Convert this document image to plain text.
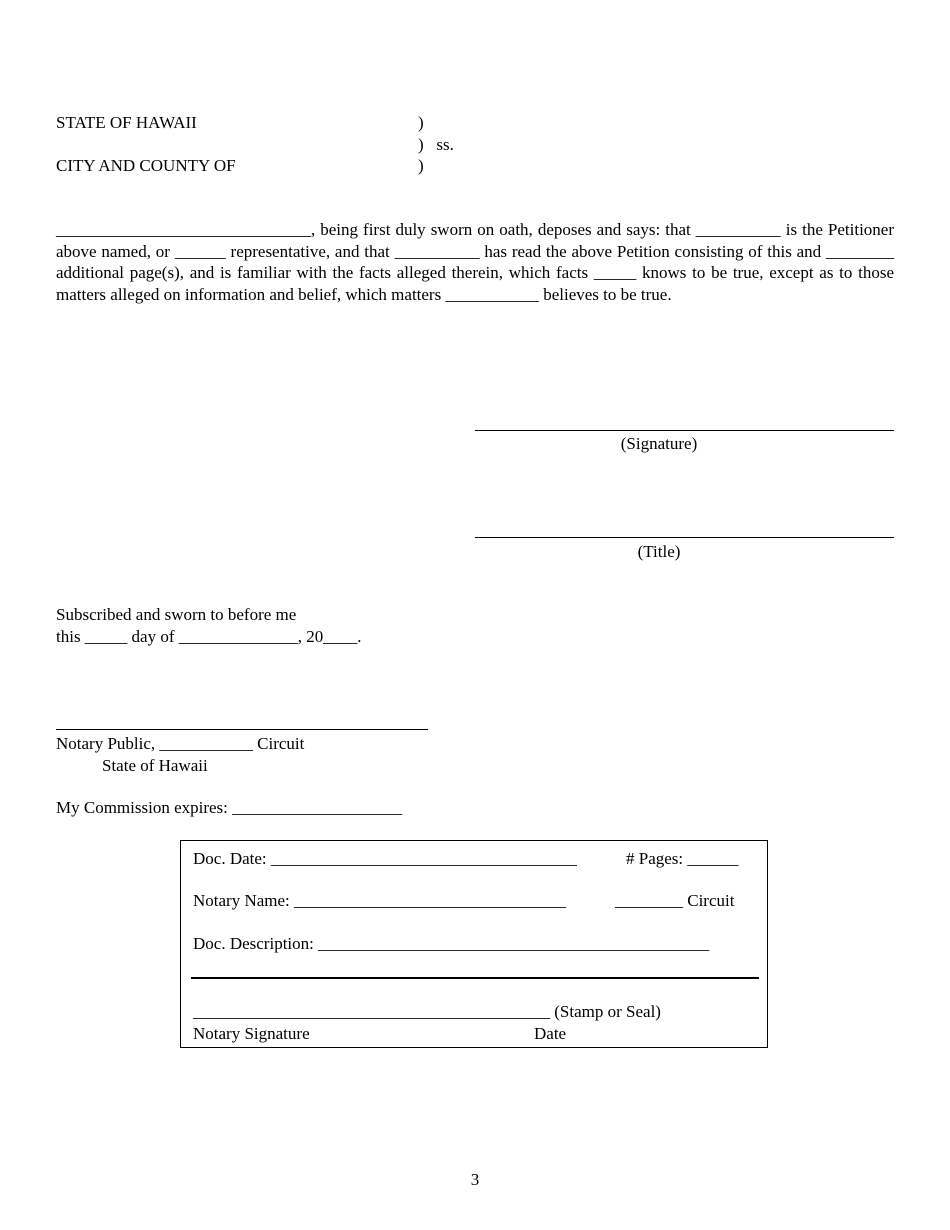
STATE OF HAWAII	)
)   ss.
CITY AND COUNTY OF	)
______________________________, being first duly sworn on oath, deposes and says: that __________ is the Petitioner above named, or ______ representative, and that __________ has read the above Petition consisting of this and ________ additional page(s), and is familiar with the facts alleged therein, which facts _____ knows to be true, except as to those matters alleged on information and belief, which matters ___________ believes to be true.
(Signature)
(Title)
Subscribed and sworn to before me
this _____ day of ______________, 20____.
Notary Public, ___________ Circuit
State of Hawaii
My Commission expires: ____________________
Doc. Date: ____________________________________	# Pages: ______
Notary Name: ________________________________	________ Circuit
Doc. Description: ______________________________________________
__________________________________________ (Stamp or Seal)
Notary Signature	Date
3
